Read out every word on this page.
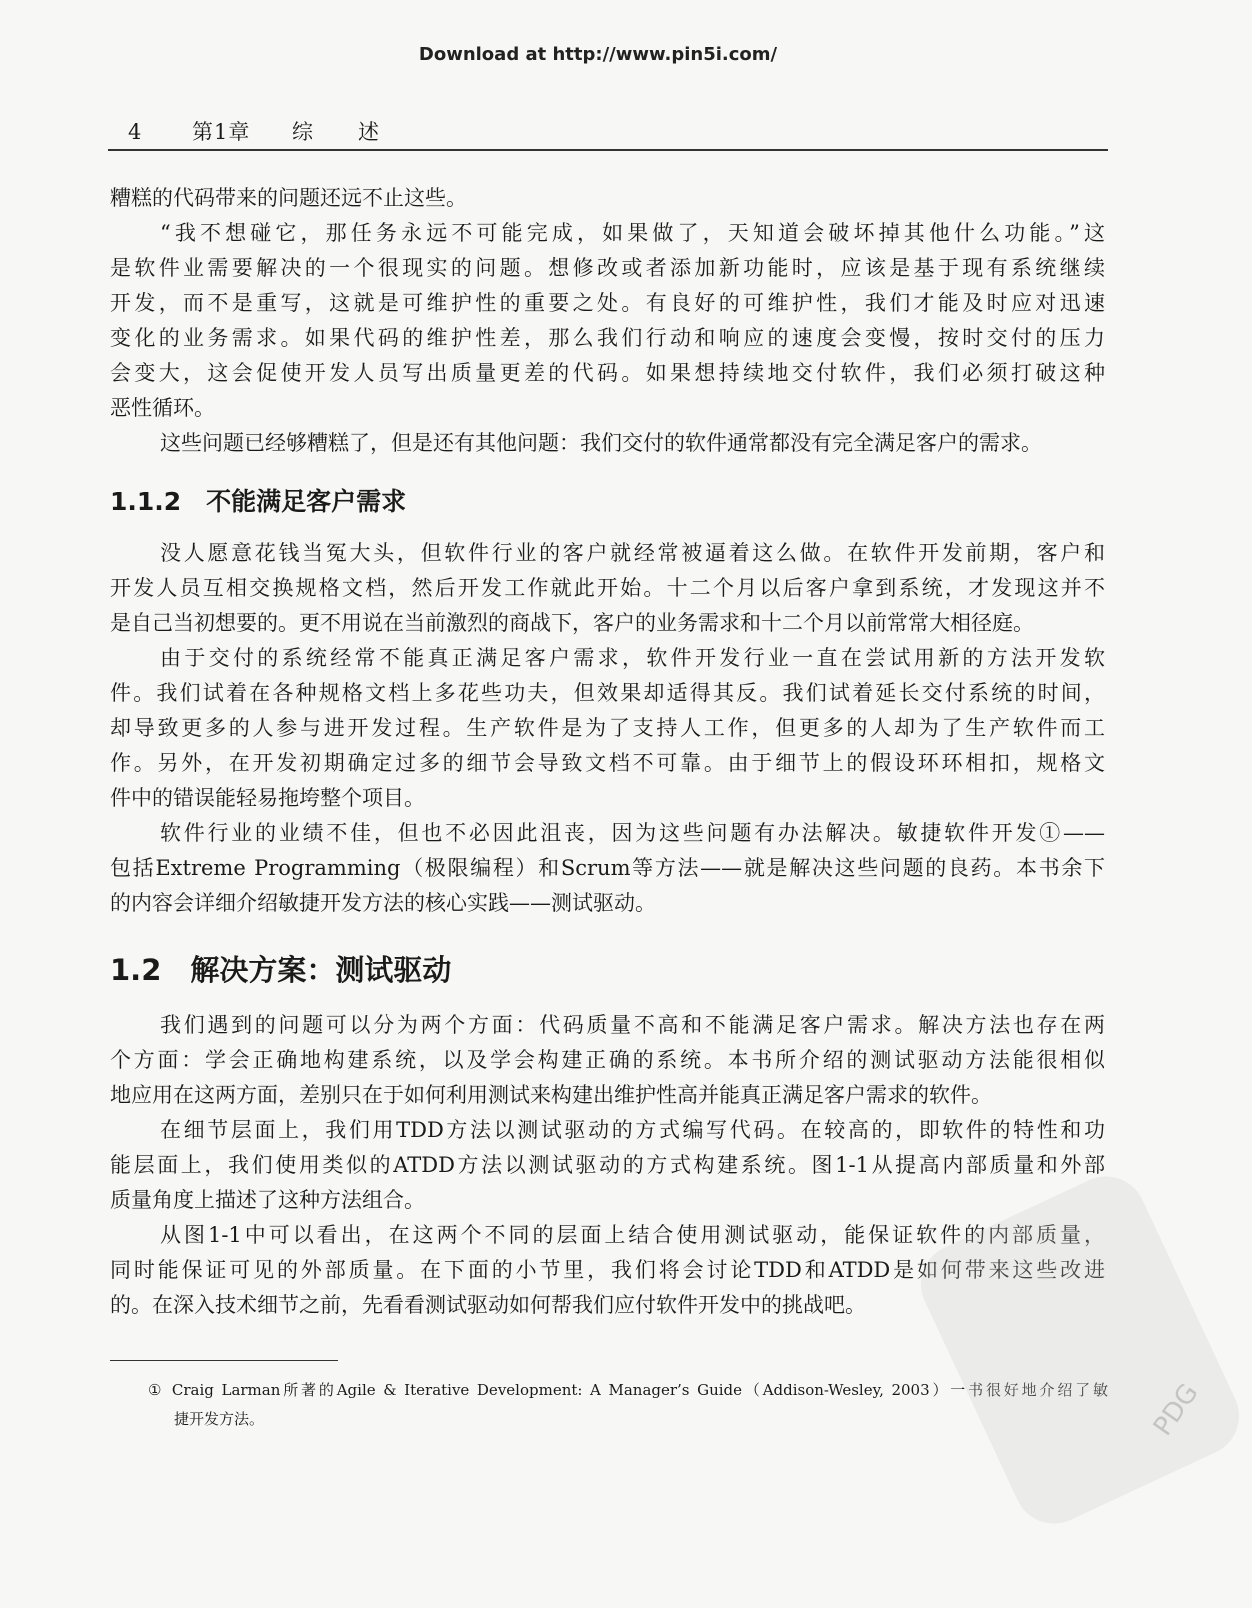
Download at http://www.pin5i.com/
4 第1章 综　　述
糟糕的代码带来的问题还远不止这些。
“我不想碰它，那任务永远不可能完成，如果做了，天知道会破坏掉其他什么功能。”这
是软件业需要解决的一个很现实的问题。想修改或者添加新功能时，应该是基于现有系统继续
开发，而不是重写，这就是可维护性的重要之处。有良好的可维护性，我们才能及时应对迅速
变化的业务需求。如果代码的维护性差，那么我们行动和响应的速度会变慢，按时交付的压力
会变大，这会促使开发人员写出质量更差的代码。如果想持续地交付软件，我们必须打破这种
恶性循环。
这些问题已经够糟糕了，但是还有其他问题：我们交付的软件通常都没有完全满足客户的需求。
1.1.2　不能满足客户需求
没人愿意花钱当冤大头，但软件行业的客户就经常被逼着这么做。在软件开发前期，客户和
开发人员互相交换规格文档，然后开发工作就此开始。十二个月以后客户拿到系统，才发现这并不
是自己当初想要的。更不用说在当前激烈的商战下，客户的业务需求和十二个月以前常常大相径庭。
由于交付的系统经常不能真正满足客户需求，软件开发行业一直在尝试用新的方法开发软
件。我们试着在各种规格文档上多花些功夫，但效果却适得其反。我们试着延长交付系统的时间，
却导致更多的人参与进开发过程。生产软件是为了支持人工作，但更多的人却为了生产软件而工
作。另外，在开发初期确定过多的细节会导致文档不可靠。由于细节上的假设环环相扣，规格文
件中的错误能轻易拖垮整个项目。
软件行业的业绩不佳，但也不必因此沮丧，因为这些问题有办法解决。敏捷软件开发①——
包括Extreme Programming（极限编程）和Scrum等方法——就是解决这些问题的良药。本书余下
的内容会详细介绍敏捷开发方法的核心实践——测试驱动。
1.2　解决方案：测试驱动
我们遇到的问题可以分为两个方面：代码质量不高和不能满足客户需求。解决方法也存在两
个方面：学会正确地构建系统，以及学会构建正确的系统。本书所介绍的测试驱动方法能很相似
地应用在这两方面，差别只在于如何利用测试来构建出维护性高并能真正满足客户需求的软件。
在细节层面上，我们用TDD方法以测试驱动的方式编写代码。在较高的，即软件的特性和功
能层面上，我们使用类似的ATDD方法以测试驱动的方式构建系统。图1-1从提高内部质量和外部
质量角度上描述了这种方法组合。
从图1-1中可以看出，在这两个不同的层面上结合使用测试驱动，能保证软件的内部质量，
同时能保证可见的外部质量。在下面的小节里，我们将会讨论TDD和ATDD是如何带来这些改进
的。在深入技术细节之前，先看看测试驱动如何帮我们应付软件开发中的挑战吧。
① Craig Larman所著的Agile & Iterative Development: A Manager’s Guide（Addison-Wesley, 2003）一书很好地介绍了敏
捷开发方法。	PDG
